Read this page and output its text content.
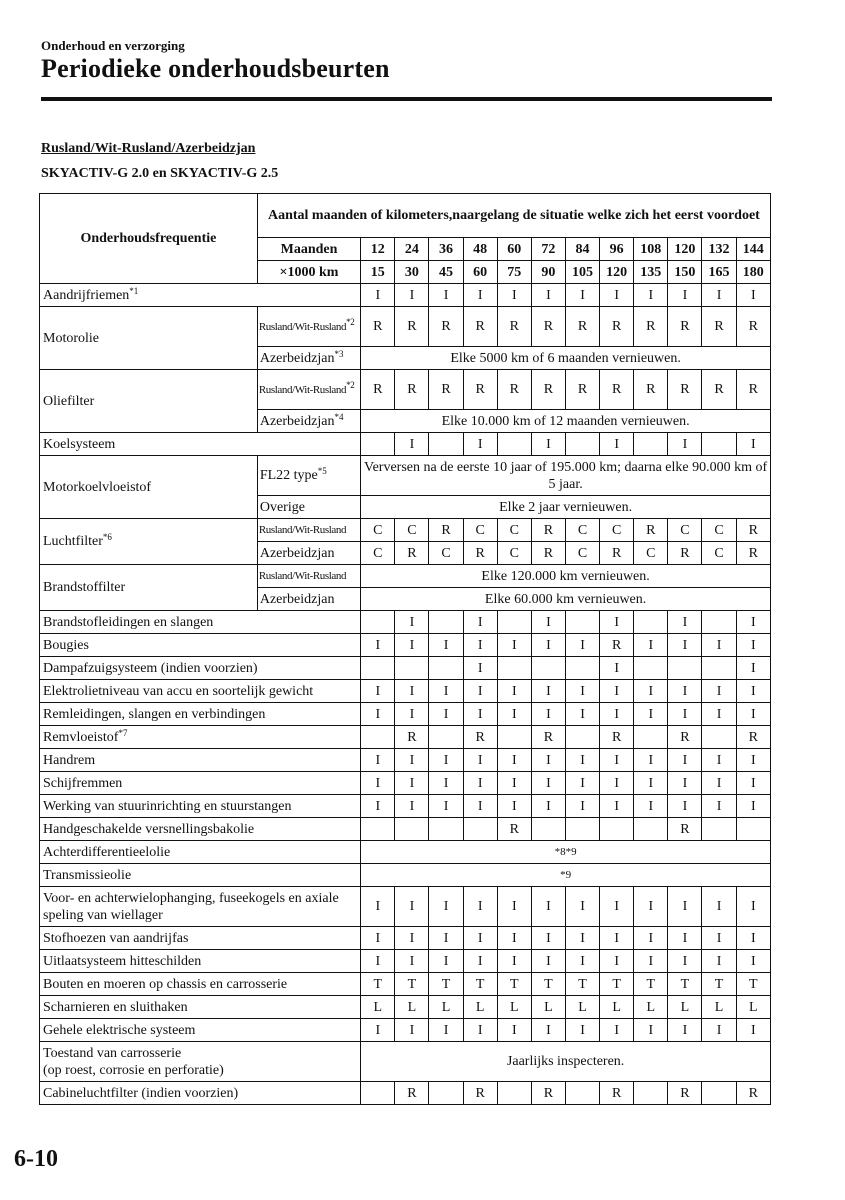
Onderhoud en verzorging
Periodieke onderhoudsbeurten
Rusland/Wit-Rusland/Azerbeidzjan
SKYACTIV-G 2.0 en SKYACTIV-G 2.5
Onderhoudsfrequentie	Aantal maanden of kilometers,naargelang de situatie welke zich het eerst voordoet												
	Maanden	12	24	36	48	60	72	84	96	108	120	132	144
	×1000 km	15	30	45	60	75	90	105	120	135	150	165	180
Aandrijfriemen$^{*1}$		I	I	I	I	I	I	I	I	I	I	I	I
Motorolie	Rusland/Wit-Rusland$^{*2}$	R	R	R	R	R	R	R	R	R	R	R	R
	Azerbeidzjan$^{*3}$	Elke 5000 km of 6 maanden vernieuwen.											
Oliefilter	Rusland/Wit-Rusland$^{*2}$	R	R	R	R	R	R	R	R	R	R	R	R
	Azerbeidzjan$^{*4}$	Elke 10.000 km of 12 maanden vernieuwen.											
Koelsysteem			I		I		I		I		I		I
Motorkoelvloeistof	FL22 type$^{*5}$	Verversen na de eerste 10 jaar of 195.000 km; daarna elke 90.000 km of 5 jaar.											
	Overige	Elke 2 jaar vernieuwen.											
Luchtfilter$^{*6}$	Rusland/Wit-Rusland	C	C	R	C	C	R	C	C	R	C	C	R
	Azerbeidzjan	C	R	C	R	C	R	C	R	C	R	C	R
Brandstoffilter	Rusland/Wit-Rusland	Elke 120.000 km vernieuwen.											
	Azerbeidzjan	Elke 60.000 km vernieuwen.											
Brandstofleidingen en slangen			I		I		I		I		I		I
Bougies		I	I	I	I	I	I	I	R	I	I	I	I
Dampafzuigsysteem (indien voorzien)					I				I				I
Elektrolietniveau van accu en soortelijk gewicht		I	I	I	I	I	I	I	I	I	I	I	I
Remleidingen, slangen en verbindingen		I	I	I	I	I	I	I	I	I	I	I	I
Remvloeistof$^{*7}$			R		R		R		R		R		R
Handrem		I	I	I	I	I	I	I	I	I	I	I	I
Schijfremmen		I	I	I	I	I	I	I	I	I	I	I	I
Werking van stuurinrichting en stuurstangen		I	I	I	I	I	I	I	I	I	I	I	I
Handgeschakelde versnellingsbakolie						R					R		
Achterdifferentieelolie		*8*9											
Transmissieolie		*9											
Voor- en achterwielophanging, fuseekogels en axiale speling van wiellager		I	I	I	I	I	I	I	I	I	I	I	I
Stofhoezen van aandrijfas		I	I	I	I	I	I	I	I	I	I	I	I
Uitlaatsysteem hitteschilden		I	I	I	I	I	I	I	I	I	I	I	I
Bouten en moeren op chassis en carrosserie		T	T	T	T	T	T	T	T	T	T	T	T
Scharnieren en sluithaken		L	L	L	L	L	L	L	L	L	L	L	L
Gehele elektrische systeem		I	I	I	I	I	I	I	I	I	I	I	I
Toestand van carrosserie
(op roest, corrosie en perforatie)		Jaarlijks inspecteren.											
Cabineluchtfilter (indien voorzien)			R		R		R		R		R		R
6-10
